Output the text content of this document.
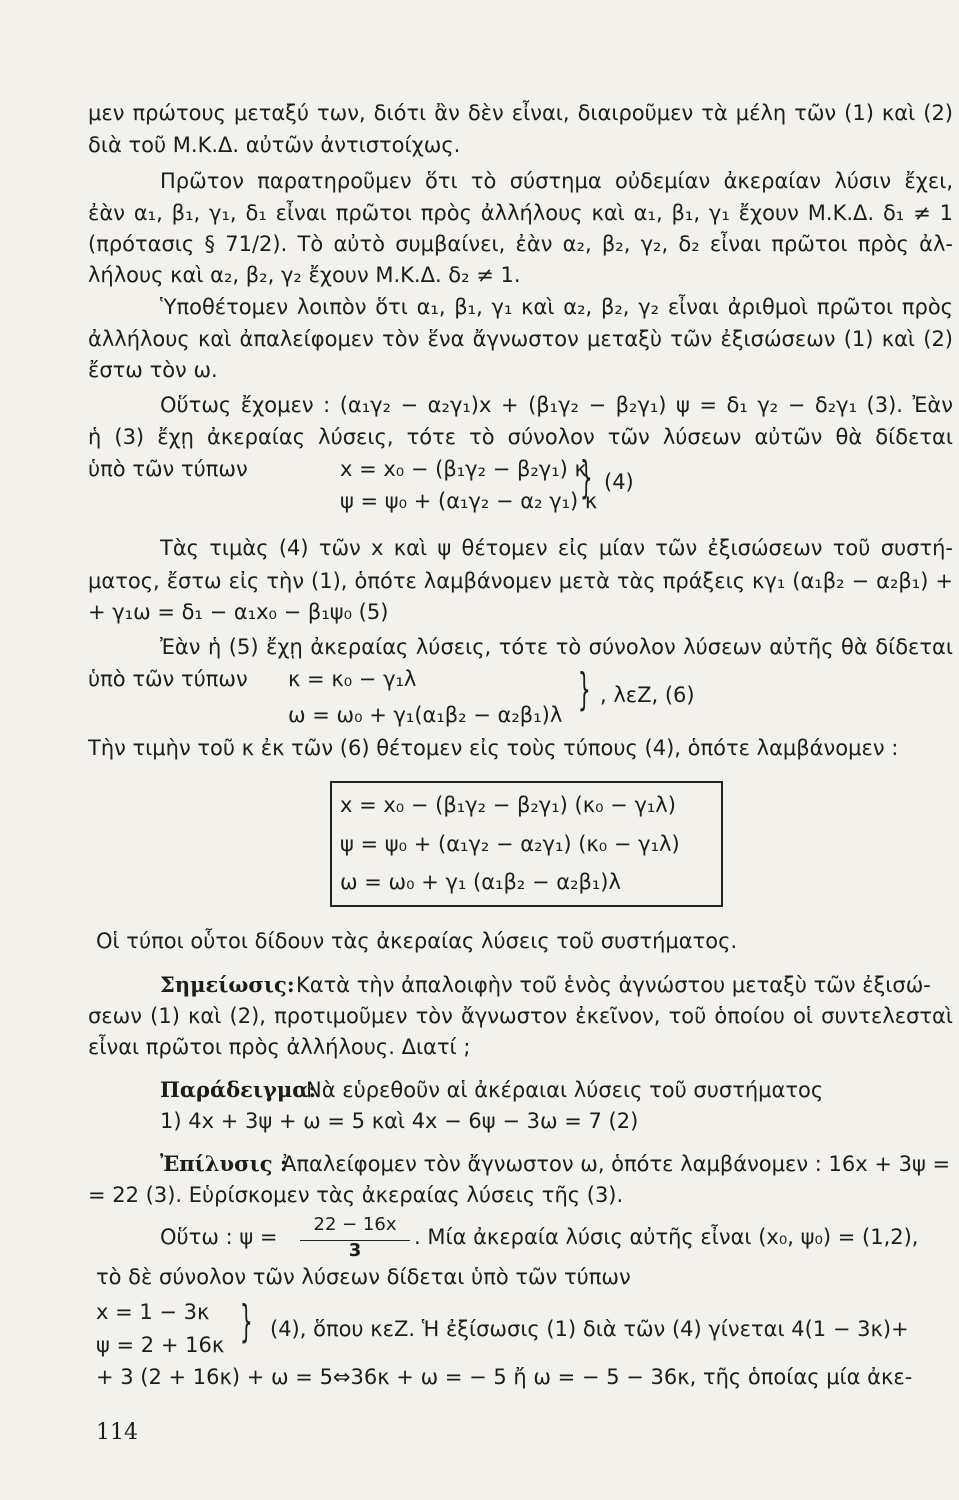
μεν πρώτους μεταξύ των, διότι ἂν δὲν εἶναι, διαιροῦμεν τὰ μέλη τῶν (1) καὶ (2)
διὰ τοῦ Μ.Κ.Δ. αὐτῶν ἀντιστοίχως.
Πρῶτον παρατηροῦμεν ὅτι τὸ σύστημα οὐδεμίαν ἀκεραίαν λύσιν ἔχει,
ἐὰν α₁, β₁, γ₁, δ₁ εἶναι πρῶτοι πρὸς ἀλλήλους καὶ α₁, β₁, γ₁ ἔχουν Μ.Κ.Δ. δ₁ ≠ 1
(πρότασις § 71/2). Τὸ αὐτὸ συμβαίνει, ἐὰν α₂, β₂, γ₂, δ₂ εἶναι πρῶτοι πρὸς ἀλ-
λήλους καὶ α₂, β₂, γ₂ ἔχουν Μ.Κ.Δ. δ₂ ≠ 1.
Ὑποθέτομεν λοιπὸν ὅτι α₁, β₁, γ₁ καὶ α₂, β₂, γ₂ εἶναι ἀριθμοὶ πρῶτοι πρὸς
ἀλλήλους καὶ ἀπαλείφομεν τὸν ἕνα ἄγνωστον μεταξὺ τῶν ἐξισώσεων (1) καὶ (2)
ἔστω τὸν ω.
Οὕτως ἔχομεν : (α₁γ₂ − α₂γ₁)x + (β₁γ₂ − β₂γ₁) ψ = δ₁ γ₂ − δ₂γ₁ (3). Ἐὰν
ἡ (3) ἔχῃ ἀκεραίας λύσεις, τότε τὸ σύνολον τῶν λύσεων αὐτῶν θὰ δίδεται
ὑπὸ τῶν τύπων	x = x₀ − (β₁γ₂ − β₂γ₁) κ
ψ = ψ₀ + (α₁γ₂ − α₂ γ₁) κ
} (4)
Τὰς τιμὰς (4) τῶν x καὶ ψ θέτομεν εἰς μίαν τῶν ἐξισώσεων τοῦ συστή-
ματος, ἔστω εἰς τὴν (1), ὁπότε λαμβάνομεν μετὰ τὰς πράξεις κγ₁ (α₁β₂ − α₂β₁) +
+ γ₁ω = δ₁ − α₁x₀ − β₁ψ₀ (5)
Ἐὰν ἡ (5) ἔχῃ ἀκεραίας λύσεις, τότε τὸ σύνολον λύσεων αὐτῆς θὰ δίδεται
ὑπὸ τῶν τύπων	κ = κ₀ − γ₁λ
ω = ω₀ + γ₁(α₁β₂ − α₂β₁)λ } , λεZ, (6)
Τὴν τιμὴν τοῦ κ ἐκ τῶν (6) θέτομεν εἰς τοὺς τύπους (4), ὁπότε λαμβάνομεν :
x = x₀ − (β₁γ₂ − β₂γ₁) (κ₀ − γ₁λ)
ψ = ψ₀ + (α₁γ₂ − α₂γ₁) (κ₀ − γ₁λ)
ω = ω₀ + γ₁ (α₁β₂ − α₂β₁)λ
Οἱ τύποι οὗτοι δίδουν τὰς ἀκεραίας λύσεις τοῦ συστήματος.
Σημείωσις: Κατὰ τὴν ἀπαλοιφὴν τοῦ ἑνὸς ἀγνώστου μεταξὺ τῶν ἐξισώ-
σεων (1) καὶ (2), προτιμοῦμεν τὸν ἄγνωστον ἐκεῖνον, τοῦ ὁποίου οἱ συντελεσταὶ
εἶναι πρῶτοι πρὸς ἀλλήλους. Διατί ;
Παράδειγμα:
Νὰ εὑρεθοῦν αἱ ἀκέραιαι λύσεις τοῦ συστήματος
1) 4x + 3ψ + ω = 5 καὶ 4x − 6ψ − 3ω = 7 (2)
Ἐπίλυσις :
Ἀπαλείφομεν τὸν ἄγνωστον ω, ὁπότε λαμβάνομεν : 16x + 3ψ =
= 22 (3). Εὑρίσκομεν τὰς ἀκεραίας λύσεις τῆς (3).
Οὕτω : ψ =
22 − 16x
3
. Μία ἀκεραία λύσις αὐτῆς εἶναι (x₀, ψ₀) = (1,2),
τὸ δὲ σύνολον τῶν λύσεων δίδεται ὑπὸ τῶν τύπων
x = 1 − 3κ
ψ = 2 + 16κ } (4), ὅπου κεZ. Ἡ ἐξίσωσις (1) διὰ τῶν (4) γίνεται 4(1 − 3κ)+
+ 3 (2 + 16κ) + ω = 5⇔36κ + ω = − 5 ἤ ω = − 5 − 36κ, τῆς ὁποίας μία ἀκε-
114
